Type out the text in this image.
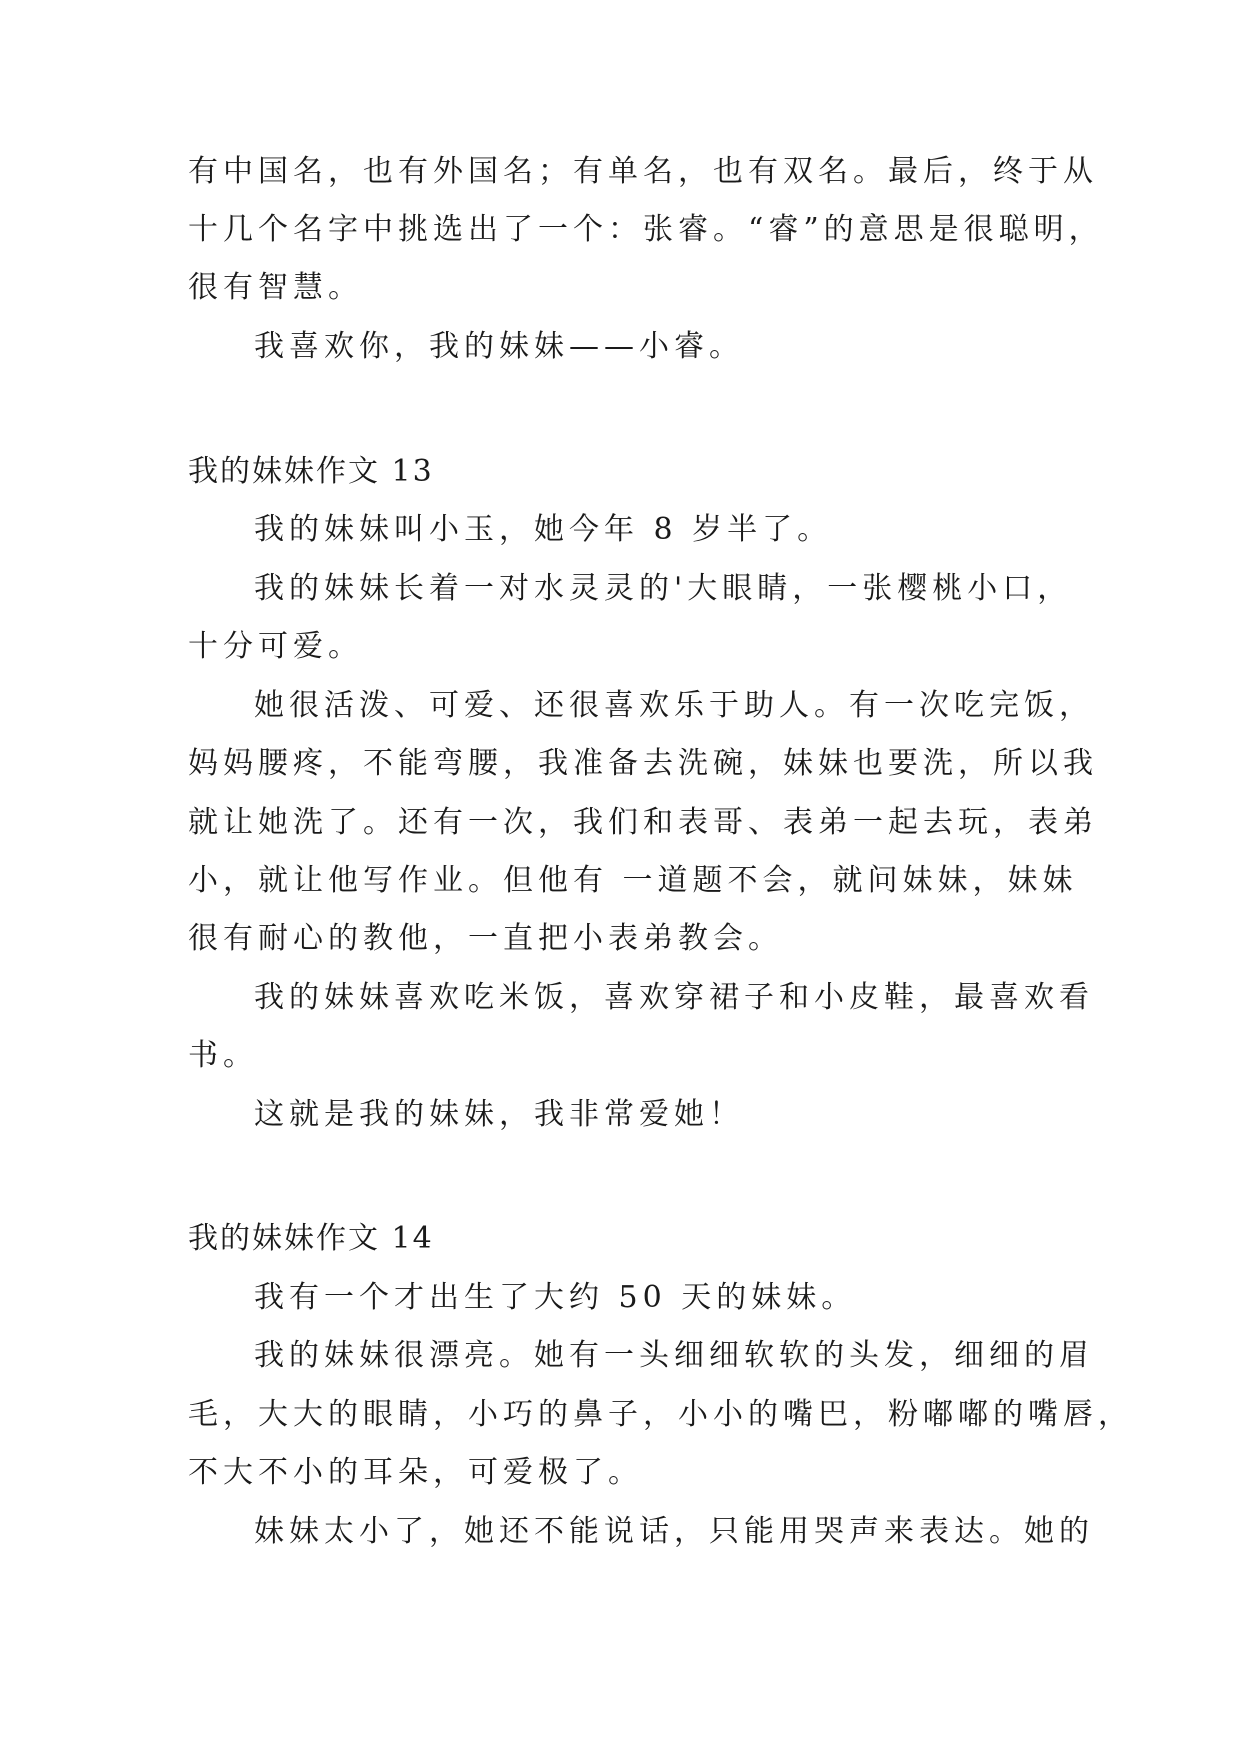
有中国名，也有外国名；有单名，也有双名。最后，终于从
十几个名字中挑选出了一个：张睿。“睿”的意思是很聪明，
很有智慧。
我喜欢你，我的妹妹——小睿。
我的妹妹作文 13
我的妹妹叫小玉，她今年 8 岁半了。
我的妹妹长着一对水灵灵的'大眼睛，一张樱桃小口，
十分可爱。
她很活泼、可爱、还很喜欢乐于助人。有一次吃完饭，
妈妈腰疼，不能弯腰，我准备去洗碗，妹妹也要洗，所以我
就让她洗了。还有一次，我们和表哥、表弟一起去玩，表弟
小，就让他写作业。但他有 一道题不会，就问妹妹，妹妹
很有耐心的教他，一直把小表弟教会。
我的妹妹喜欢吃米饭，喜欢穿裙子和小皮鞋，最喜欢看
书。
这就是我的妹妹，我非常爱她！
我的妹妹作文 14
我有一个才出生了大约 50 天的妹妹。
我的妹妹很漂亮。她有一头细细软软的头发，细细的眉
毛，大大的眼睛，小巧的鼻子，小小的嘴巴，粉嘟嘟的嘴唇，
不大不小的耳朵，可爱极了。
妹妹太小了，她还不能说话，只能用哭声来表达。她的
